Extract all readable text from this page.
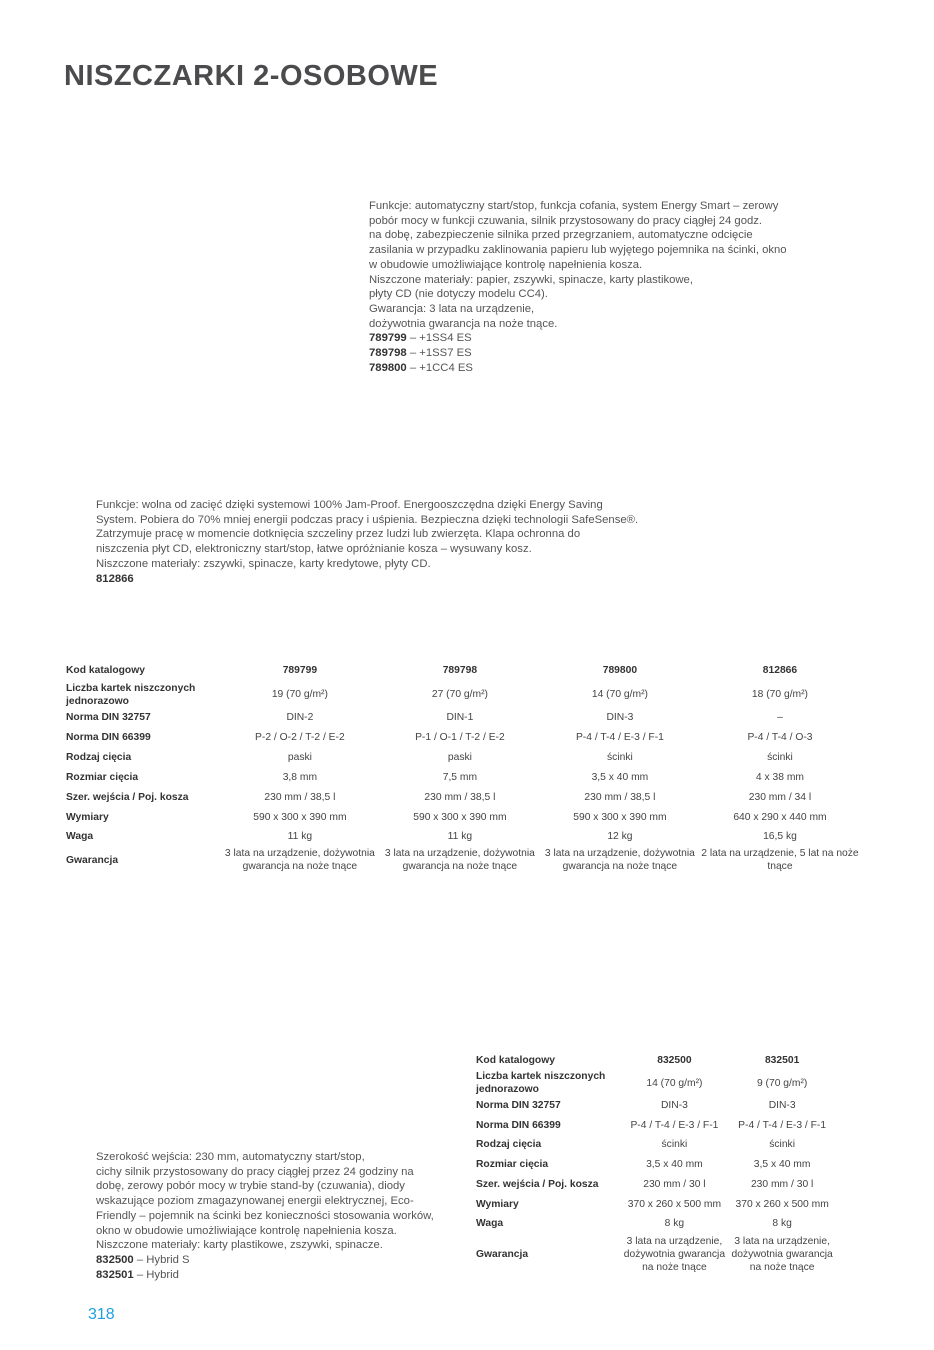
NISZCZARKI 2-OSOBOWE
Funkcje: automatyczny start/stop, funkcja cofania, system Energy Smart – zerowy
pobór mocy w funkcji czuwania, silnik przystosowany do pracy ciągłej 24 godz.
na dobę, zabezpieczenie silnika przed przegrzaniem, automatyczne odcięcie
zasilania w przypadku zaklinowania papieru lub wyjętego pojemnika na ścinki, okno
w obudowie umożliwiające kontrolę napełnienia kosza.
Niszczone materiały: papier, zszywki, spinacze, karty plastikowe,
płyty CD (nie dotyczy modelu CC4).
Gwarancja: 3 lata na urządzenie,
dożywotnia gwarancja na noże tnące.
789799 – +1SS4 ES
789798 – +1SS7 ES
789800 – +1CC4 ES
Funkcje: wolna od zacięć dzięki systemowi 100% Jam-Proof. Energooszczędna dzięki Energy Saving
System. Pobiera do 70% mniej energii podczas pracy i uśpienia. Bezpieczna dzięki technologii SafeSense®.
Zatrzymuje pracę w momencie dotknięcia szczeliny przez ludzi lub zwierzęta. Klapa ochronna do
niszczenia płyt CD, elektroniczny start/stop, łatwe opróżnianie kosza – wysuwany kosz.
Niszczone materiały: zszywki, spinacze, karty kredytowe, płyty CD.
812866
Kod katalogowy	789799	789798	789800	812866
Liczba kartek niszczonych jednorazowo	19 (70 g/m²)	27 (70 g/m²)	14 (70 g/m²)	18 (70 g/m²)
Norma DIN 32757	DIN-2	DIN-1	DIN-3	–
Norma DIN 66399	P-2 / O-2 / T-2 / E-2	P-1 / O-1 / T-2 / E-2	P-4 / T-4 / E-3 / F-1	P-4 / T-4 / O-3
Rodzaj cięcia	paski	paski	ścinki	ścinki
Rozmiar cięcia	3,8 mm	7,5 mm	3,5 x 40 mm	4 x 38 mm
Szer. wejścia / Poj. kosza	230 mm / 38,5 l	230 mm / 38,5 l	230 mm / 38,5 l	230 mm / 34 l
Wymiary	590 x 300 x 390 mm	590 x 300 x 390 mm	590 x 300 x 390 mm	640 x 290 x 440 mm
Waga	11 kg	11 kg	12 kg	16,5 kg
Gwarancja	3 lata na urządzenie, dożywotnia gwarancja na noże tnące	3 lata na urządzenie, dożywotnia gwarancja na noże tnące	3 lata na urządzenie, dożywotnia gwarancja na noże tnące	2 lata na urządzenie, 5 lat na noże tnące
Kod katalogowy	832500	832501
Liczba kartek niszczonych jednorazowo	14 (70 g/m²)	9 (70 g/m²)
Norma DIN 32757	DIN-3	DIN-3
Norma DIN 66399	P-4 / T-4 / E-3 / F-1	P-4 / T-4 / E-3 / F-1
Rodzaj cięcia	ścinki	ścinki
Rozmiar cięcia	3,5 x 40 mm	3,5 x 40 mm
Szer. wejścia / Poj. kosza	230 mm / 30 l	230 mm / 30 l
Wymiary	370 x 260 x 500 mm	370 x 260 x 500 mm
Waga	8 kg	8 kg
Gwarancja	3 lata na urządzenie, dożywotnia gwarancja na noże tnące	3 lata na urządzenie, dożywotnia gwarancja na noże tnące
Szerokość wejścia: 230 mm, automatyczny start/stop,
cichy silnik przystosowany do pracy ciągłej przez 24 godziny na
dobę, zerowy pobór mocy w trybie stand-by (czuwania), diody
wskazujące poziom zmagazynowanej energii elektrycznej, Eco-
Friendly – pojemnik na ścinki bez konieczności stosowania worków,
okno w obudowie umożliwiające kontrolę napełnienia kosza.
Niszczone materiały: karty plastikowe, zszywki, spinacze.
832500 – Hybrid S
832501 – Hybrid
318
